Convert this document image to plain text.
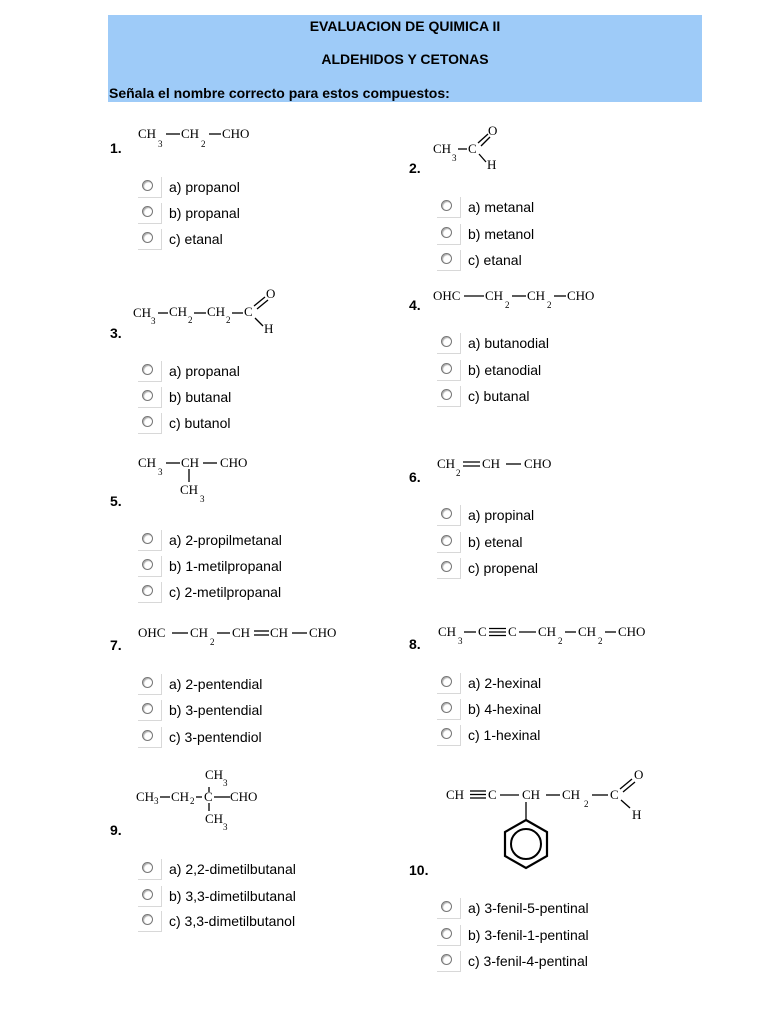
EVALUACION DE QUIMICA II
ALDEHIDOS Y CETONAS
Señala el nombre correcto para estos compuestos:
1.
2.
3.
4.
5.
6.
7.	8.
9.
10.
a) propanol
b) propanal
c) etanal
a) metanal
b) metanol
c) etanal
a) propanal
b) butanal
c) butanol
a) butanodial
b) etanodial
c) butanal
a) 2-propilmetanal
b) 1-metilpropanal
c) 2-metilpropanal
a) propinal
b) etenal
c) propenal
a) 2-pentendial
b) 3-pentendial
c) 3-pentendiol
a) 2-hexinal
b) 4-hexinal
c) 1-hexinal
a) 2,2-dimetilbutanal
b) 3,3-dimetilbutanal
c) 3,3-dimetilbutanol
a) 3-fenil-5-pentinal
b) 3-fenil-1-pentinal
c) 3-fenil-4-pentinal
CH
3
CH
2
CHO
CH
3
C
O
H
CH
3
CH
2
CH
2
C
O
H
OHC CH
2
CH
2
CHO
CH
3
CH CHO
CH
3
CH
2
CH CHO
OHC CH
2
CH CH CHO	CH
3
C C CH
2
CH
2
CHO
CH 3 CH 2 C CHO
CH
3
CH
3
CH C CH CH
2
C
O
H
